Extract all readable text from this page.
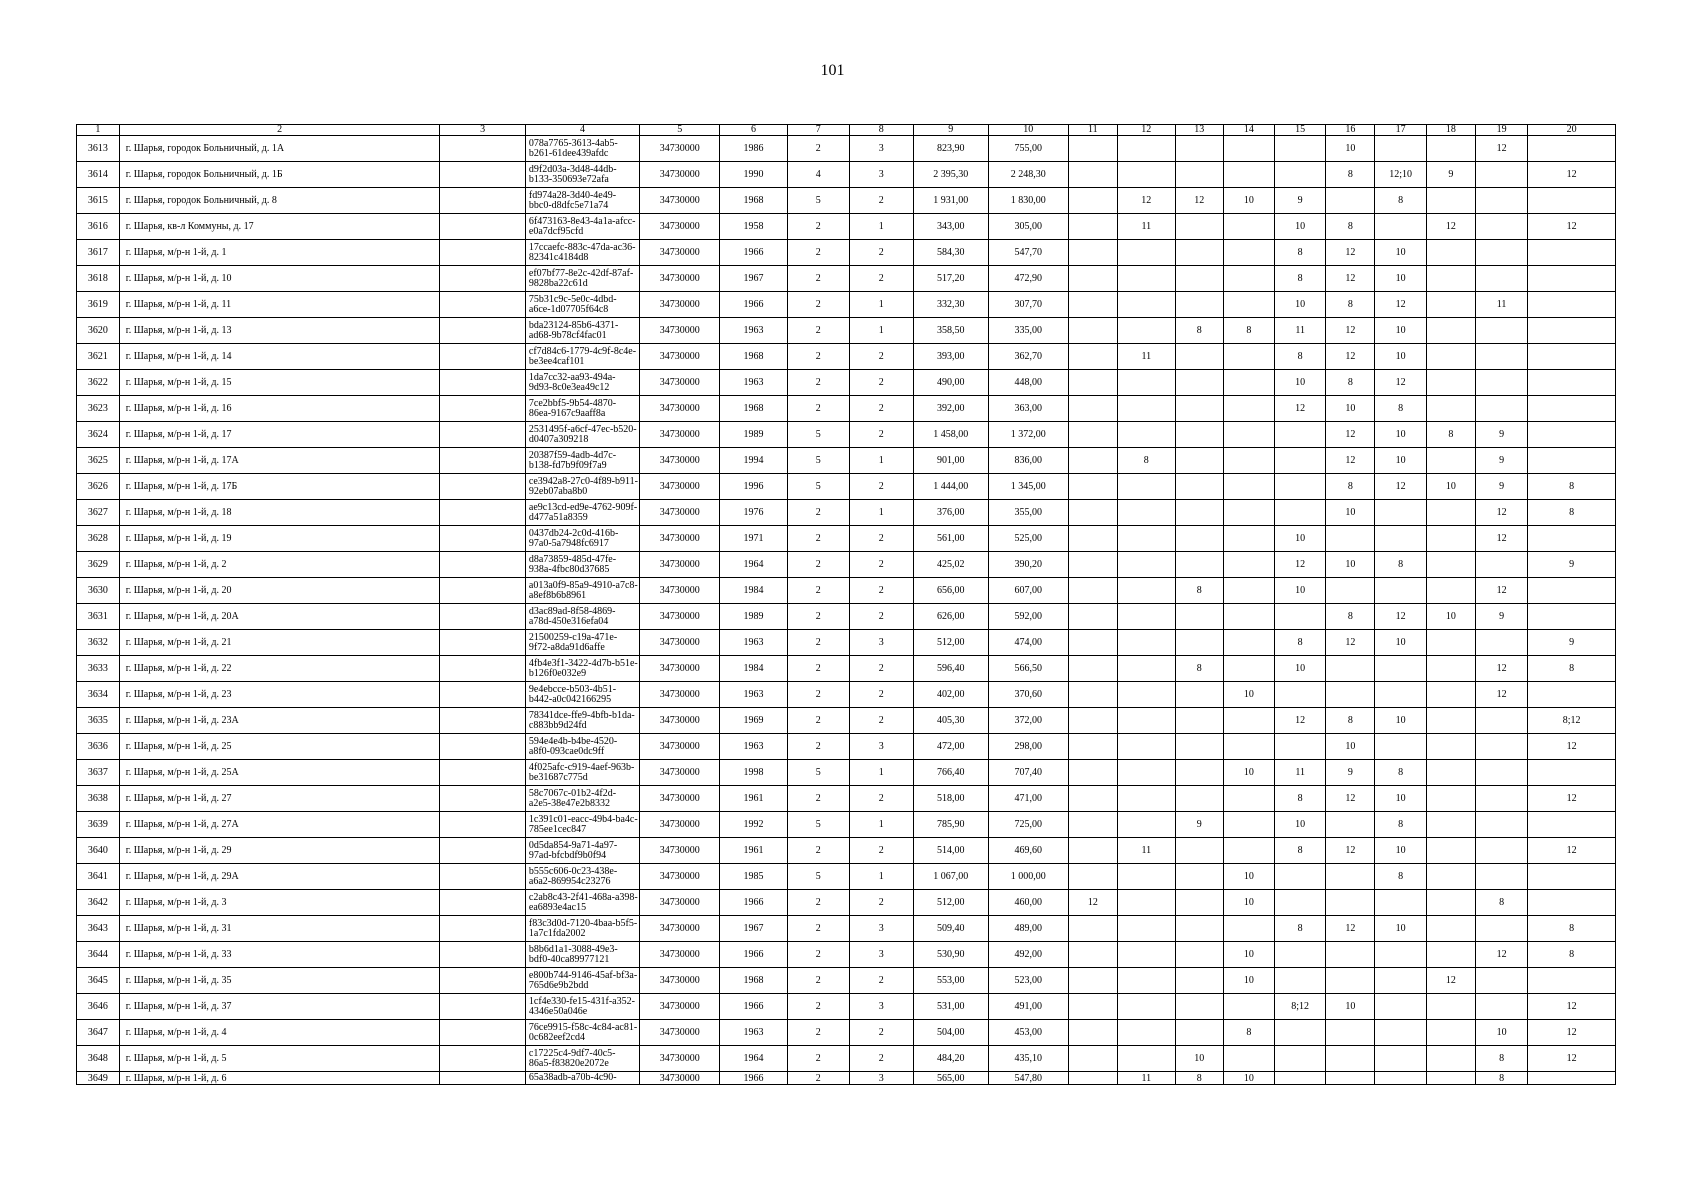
101
1	2	3	4	5	6	7	8	9	10	11	12	13	14	15	16	17	18	19	20
3613	г. Шарья, городок Больничный, д. 1А		078a7765-3613-4ab5-b261-61dee439afdc	34730000	1986	2	3	823,90	755,00						10			12	
3614	г. Шарья, городок Больничный, д. 1Б		d9f2d03a-3d48-44db-b133-350693e72afa	34730000	1990	4	3	2 395,30	2 248,30						8	12;10	9		12
3615	г. Шарья, городок Больничный, д. 8		fd974a28-3d40-4e49-bbc0-d8dfc5e71a74	34730000	1968	5	2	1 931,00	1 830,00		12	12	10	9		8			
3616	г. Шарья, кв-л Коммуны, д. 17		6f473163-8e43-4a1a-afcc-e0a7dcf95cfd	34730000	1958	2	1	343,00	305,00		11			10	8		12		12
3617	г. Шарья, м/р-н 1-й, д. 1		17ccaefc-883c-47da-ac36-82341c4184d8	34730000	1966	2	2	584,30	547,70					8	12	10			
3618	г. Шарья, м/р-н 1-й, д. 10		ef07bf77-8e2c-42df-87af-9828ba22c61d	34730000	1967	2	2	517,20	472,90					8	12	10			
3619	г. Шарья, м/р-н 1-й, д. 11		75b31c9c-5e0c-4dbd-a6ce-1d07705f64c8	34730000	1966	2	1	332,30	307,70					10	8	12		11	
3620	г. Шарья, м/р-н 1-й, д. 13		bda23124-85b6-4371-ad68-9b78cf4fac01	34730000	1963	2	1	358,50	335,00			8	8	11	12	10			
3621	г. Шарья, м/р-н 1-й, д. 14		cf7d84c6-1779-4c9f-8c4e-be3ee4caf101	34730000	1968	2	2	393,00	362,70		11			8	12	10			
3622	г. Шарья, м/р-н 1-й, д. 15		1da7cc32-aa93-494a-9d93-8c0e3ea49c12	34730000	1963	2	2	490,00	448,00					10	8	12			
3623	г. Шарья, м/р-н 1-й, д. 16		7ce2bbf5-9b54-4870-86ea-9167c9aaff8a	34730000	1968	2	2	392,00	363,00					12	10	8			
3624	г. Шарья, м/р-н 1-й, д. 17		2531495f-a6cf-47ec-b520-d0407a309218	34730000	1989	5	2	1 458,00	1 372,00						12	10	8	9	
3625	г. Шарья, м/р-н 1-й, д. 17А		20387f59-4adb-4d7c-b138-fd7b9f09f7a9	34730000	1994	5	1	901,00	836,00		8				12	10		9	
3626	г. Шарья, м/р-н 1-й, д. 17Б		ce3942a8-27c0-4f89-b911-92eb07aba8b0	34730000	1996	5	2	1 444,00	1 345,00						8	12	10	9	8
3627	г. Шарья, м/р-н 1-й, д. 18		ae9c13cd-ed9e-4762-909f-d477a51a8359	34730000	1976	2	1	376,00	355,00						10			12	8
3628	г. Шарья, м/р-н 1-й, д. 19		0437db24-2c0d-416b-97a0-5a7948fc6917	34730000	1971	2	2	561,00	525,00					10				12	
3629	г. Шарья, м/р-н 1-й, д. 2		d8a73859-485d-47fe-938a-4fbc80d37685	34730000	1964	2	2	425,02	390,20					12	10	8			9
3630	г. Шарья, м/р-н 1-й, д. 20		a013a0f9-85a9-4910-a7c8-a8ef8b6b8961	34730000	1984	2	2	656,00	607,00			8		10				12	
3631	г. Шарья, м/р-н 1-й, д. 20А		d3ac89ad-8f58-4869-a78d-450e316efa04	34730000	1989	2	2	626,00	592,00						8	12	10	9	
3632	г. Шарья, м/р-н 1-й, д. 21		21500259-c19a-471e-9f72-a8da91d6affe	34730000	1963	2	3	512,00	474,00					8	12	10			9
3633	г. Шарья, м/р-н 1-й, д. 22		4fb4e3f1-3422-4d7b-b51e-b126f0e032e9	34730000	1984	2	2	596,40	566,50			8		10				12	8
3634	г. Шарья, м/р-н 1-й, д. 23		9e4ebcce-b503-4b51-b442-a0c042166295	34730000	1963	2	2	402,00	370,60				10					12	
3635	г. Шарья, м/р-н 1-й, д. 23А		78341dce-ffe9-4bfb-b1da-c883bb9d24fd	34730000	1969	2	2	405,30	372,00					12	8	10			8;12
3636	г. Шарья, м/р-н 1-й, д. 25		594e4e4b-b4be-4520-a8f0-093cae0dc9ff	34730000	1963	2	3	472,00	298,00						10				12
3637	г. Шарья, м/р-н 1-й, д. 25А		4f025afc-c919-4aef-963b-be31687c775d	34730000	1998	5	1	766,40	707,40				10	11	9	8			
3638	г. Шарья, м/р-н 1-й, д. 27		58c7067c-01b2-4f2d-a2e5-38e47e2b8332	34730000	1961	2	2	518,00	471,00					8	12	10			12
3639	г. Шарья, м/р-н 1-й, д. 27А		1c391c01-eacc-49b4-ba4c-785ee1cec847	34730000	1992	5	1	785,90	725,00			9		10		8			
3640	г. Шарья, м/р-н 1-й, д. 29		0d5da854-9a71-4a97-97ad-bfcbdf9b0f94	34730000	1961	2	2	514,00	469,60		11			8	12	10			12
3641	г. Шарья, м/р-н 1-й, д. 29А		b555c606-0c23-438e-a6a2-869954c23276	34730000	1985	5	1	1 067,00	1 000,00				10			8			
3642	г. Шарья, м/р-н 1-й, д. 3		c2ab8c43-2f41-468a-a398-ea6893e4ac15	34730000	1966	2	2	512,00	460,00	12			10					8	
3643	г. Шарья, м/р-н 1-й, д. 31		f83c3d0d-7120-4baa-b5f5-1a7c1fda2002	34730000	1967	2	3	509,40	489,00					8	12	10			8
3644	г. Шарья, м/р-н 1-й, д. 33		b8b6d1a1-3088-49e3-bdf0-40ca89977121	34730000	1966	2	3	530,90	492,00				10					12	8
3645	г. Шарья, м/р-н 1-й, д. 35		e800b744-9146-45af-bf3a-765d6e9b2bdd	34730000	1968	2	2	553,00	523,00				10				12		
3646	г. Шарья, м/р-н 1-й, д. 37		1cf4e330-fe15-431f-a352-4346e50a046e	34730000	1966	2	3	531,00	491,00					8;12	10				12
3647	г. Шарья, м/р-н 1-й, д. 4		76ce9915-f58c-4c84-ac81-0c682eef2cd4	34730000	1963	2	2	504,00	453,00				8					10	12
3648	г. Шарья, м/р-н 1-й, д. 5		c17225c4-9df7-40c5-86a5-f83820e2072e	34730000	1964	2	2	484,20	435,10			10						8	12
3649	г. Шарья, м/р-н 1-й, д. 6		65a38adb-a70b-4c90-	34730000	1966	2	3	565,00	547,80		11	8	10					8	
